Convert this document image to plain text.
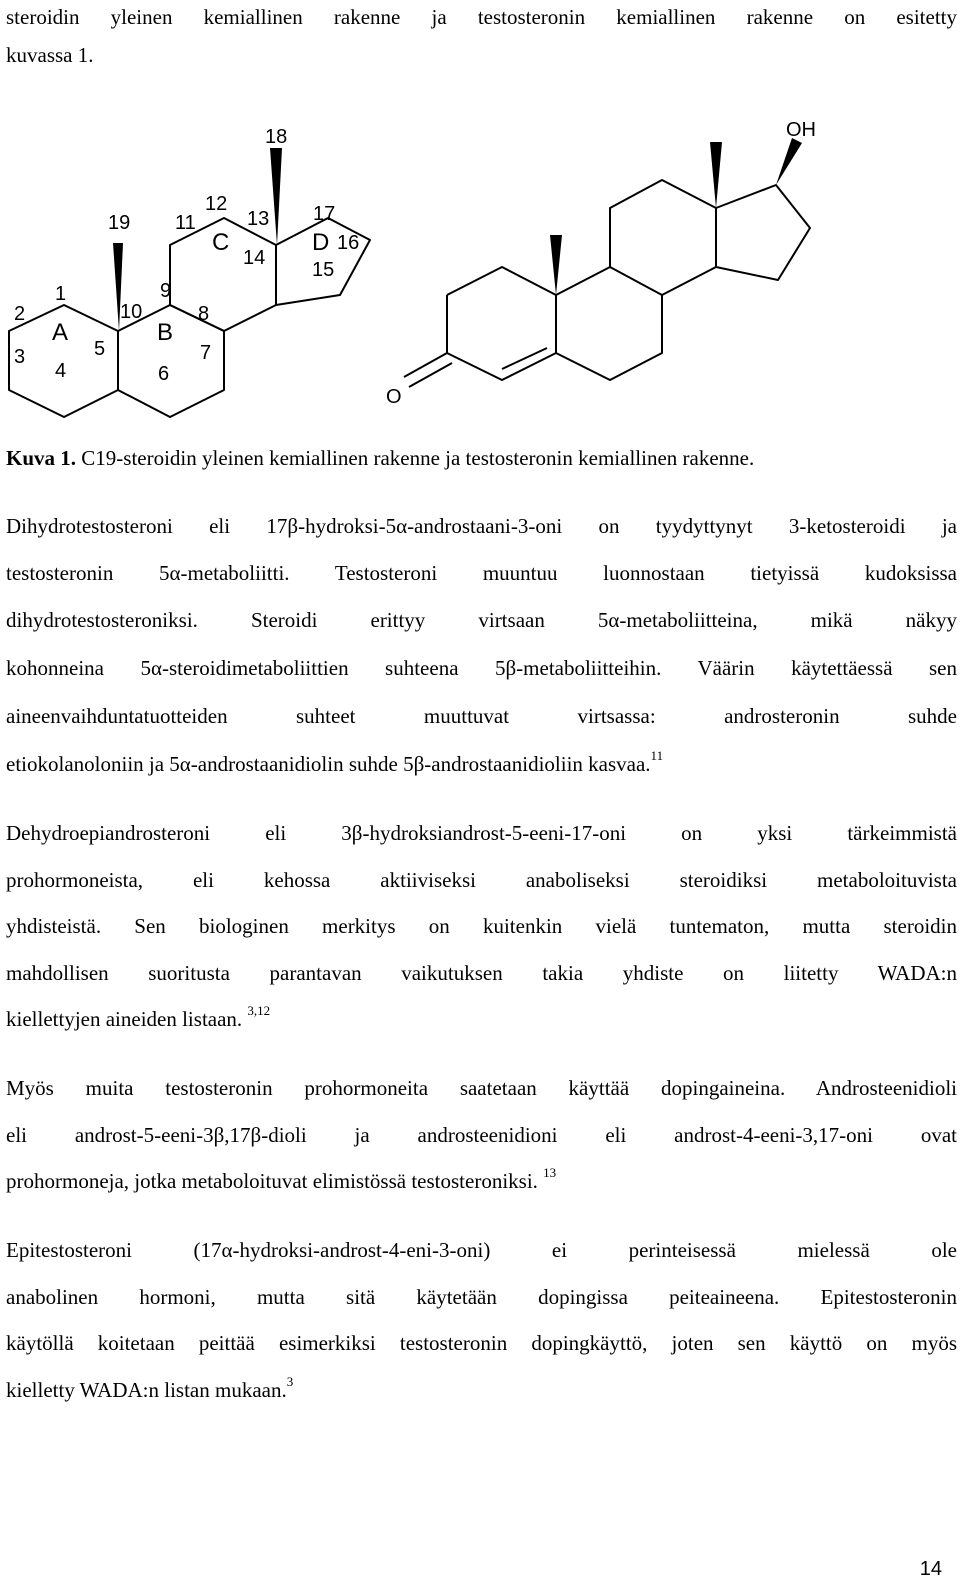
steroidin yleinen kemiallinen rakenne ja testosteronin kemiallinen rakenne on esitetty
kuvassa 1.
18
19
12
11	13 17
16
14
15
1	9
2	10	8
3	5	7
4	6
A	B
C	D
OH
O
Kuva 1. C19-steroidin yleinen kemiallinen rakenne ja testosteronin kemiallinen rakenne.
Dihydrotestosteroni eli 17β-hydroksi-5α-androstaani-3-oni on tyydyttynyt 3-ketosteroidi ja
testosteronin 5α-metaboliitti. Testosteroni muuntuu luonnostaan tietyissä kudoksissa
dihydrotestosteroniksi. Steroidi erittyy virtsaan 5α-metaboliitteina, mikä näkyy
kohonneina 5α-steroidimetaboliittien suhteena 5β-metaboliitteihin. Väärin käytettäessä sen
aineenvaihduntatuotteiden suhteet muuttuvat virtsassa: androsteronin suhde
etiokolanoloniin ja 5α-androstaanidiolin suhde 5β-androstaanidioliin kasvaa.$^{11}$
Dehydroepiandrosteroni eli 3β-hydroksiandrost-5-eeni-17-oni on yksi tärkeimmistä
prohormoneista, eli kehossa aktiiviseksi anaboliseksi steroidiksi metaboloituvista
yhdisteistä. Sen biologinen merkitys on kuitenkin vielä tuntematon, mutta steroidin
mahdollisen suoritusta parantavan vaikutuksen takia yhdiste on liitetty WADA:n
kiellettyjen aineiden listaan. $^{3,12}$
Myös muita testosteronin prohormoneita saatetaan käyttää dopingaineina. Androsteenidioli
eli androst-5-eeni-3β,17β-dioli ja androsteenidioni eli androst-4-eeni-3,17-oni ovat
prohormoneja, jotka metaboloituvat elimistössä testosteroniksi. $^{13}$
Epitestosteroni (17α-hydroksi-androst-4-eni-3-oni) ei perinteisessä mielessä ole
anabolinen hormoni, mutta sitä käytetään dopingissa peiteaineena. Epitestosteronin
käytöllä koitetaan peittää esimerkiksi testosteronin dopingkäyttö, joten sen käyttö on myös
kielletty WADA:n listan mukaan.$^3$
14
